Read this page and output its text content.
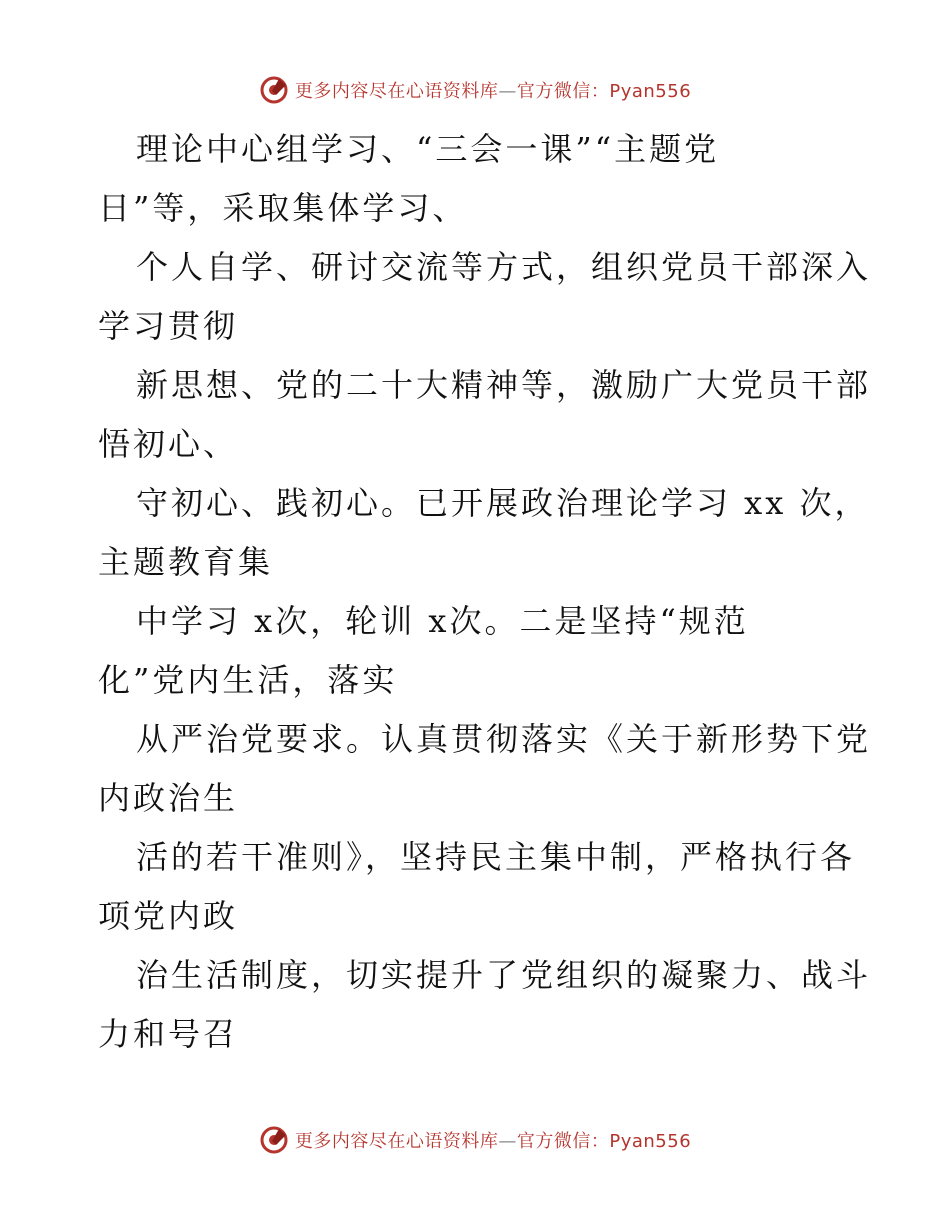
更多内容尽在心语资料库—官方微信：Pyan556
理论中心组学习、“三会一课”“主题党
日”等，采取集体学习、
个人自学、研讨交流等方式，组织党员干部深入
学习贯彻
新思想、党的二十大精神等，激励广大党员干部
悟初心、
守初心、践初心。已开展政治理论学习 xx 次，
主题教育集
中学习 x次，轮训 x次。二是坚持“规范
化”党内生活，落实
从严治党要求。认真贯彻落实《关于新形势下党
内政治生
活的若干准则》，坚持民主集中制，严格执行各
项党内政
治生活制度，切实提升了党组织的凝聚力、战斗
力和号召
更多内容尽在心语资料库—官方微信：Pyan556
